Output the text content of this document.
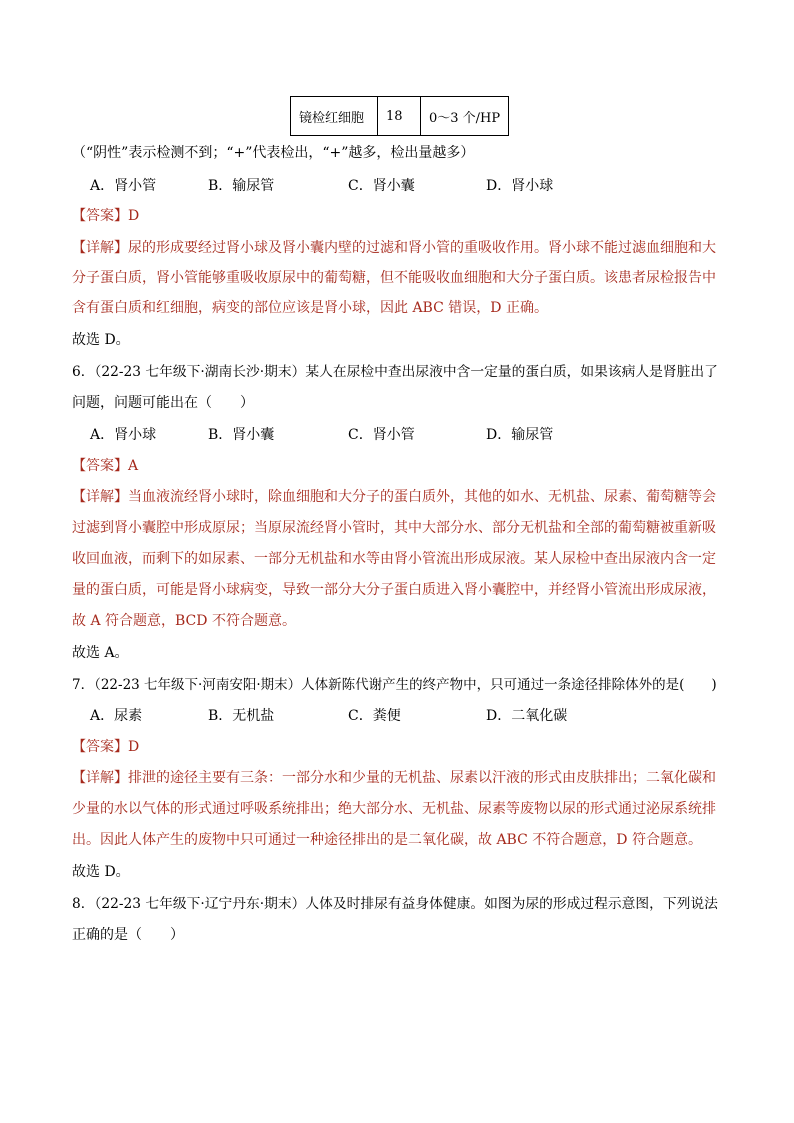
镜检红细胞	18	0～3 个/HP
（“阴性”表示检测不到；“+”代表检出，“+”越多，检出量越多）
A．肾小管	B．输尿管	C．肾小囊	D．肾小球
【答案】D
【详解】尿的形成要经过肾小球及肾小囊内壁的过滤和肾小管的重吸收作用。肾小球不能过滤血细胞和大
分子蛋白质，肾小管能够重吸收原尿中的葡萄糖，但不能吸收血细胞和大分子蛋白质。该患者尿检报告中
含有蛋白质和红细胞，病变的部位应该是肾小球，因此 ABC 错误，D 正确。
故选 D。
6．（22-23 七年级下·湖南长沙·期末）某人在尿检中查出尿液中含一定量的蛋白质，如果该病人是肾脏出了
问题，问题可能出在（　　）
A．肾小球	B．肾小囊	C．肾小管	D．输尿管
【答案】A
【详解】当血液流经肾小球时，除血细胞和大分子的蛋白质外，其他的如水、无机盐、尿素、葡萄糖等会
过滤到肾小囊腔中形成原尿；当原尿流经肾小管时，其中大部分水、部分无机盐和全部的葡萄糖被重新吸
收回血液，而剩下的如尿素、一部分无机盐和水等由肾小管流出形成尿液。某人尿检中查出尿液内含一定
量的蛋白质，可能是肾小球病变，导致一部分大分子蛋白质进入肾小囊腔中，并经肾小管流出形成尿液，
故 A 符合题意，BCD 不符合题意。
故选 A。
7．（22-23 七年级下·河南安阳·期末）人体新陈代谢产生的终产物中，只可通过一条途径排除体外的是(　　)
A．尿素	B．无机盐	C．粪便	D．二氧化碳
【答案】D
【详解】排泄的途径主要有三条：一部分水和少量的无机盐、尿素以汗液的形式由皮肤排出；二氧化碳和
少量的水以气体的形式通过呼吸系统排出；绝大部分水、无机盐、尿素等废物以尿的形式通过泌尿系统排
出。因此人体产生的废物中只可通过一种途径排出的是二氧化碳，故 ABC 不符合题意，D 符合题意。
故选 D。
8．（22-23 七年级下·辽宁丹东·期末）人体及时排尿有益身体健康。如图为尿的形成过程示意图，下列说法
正确的是（　　）
